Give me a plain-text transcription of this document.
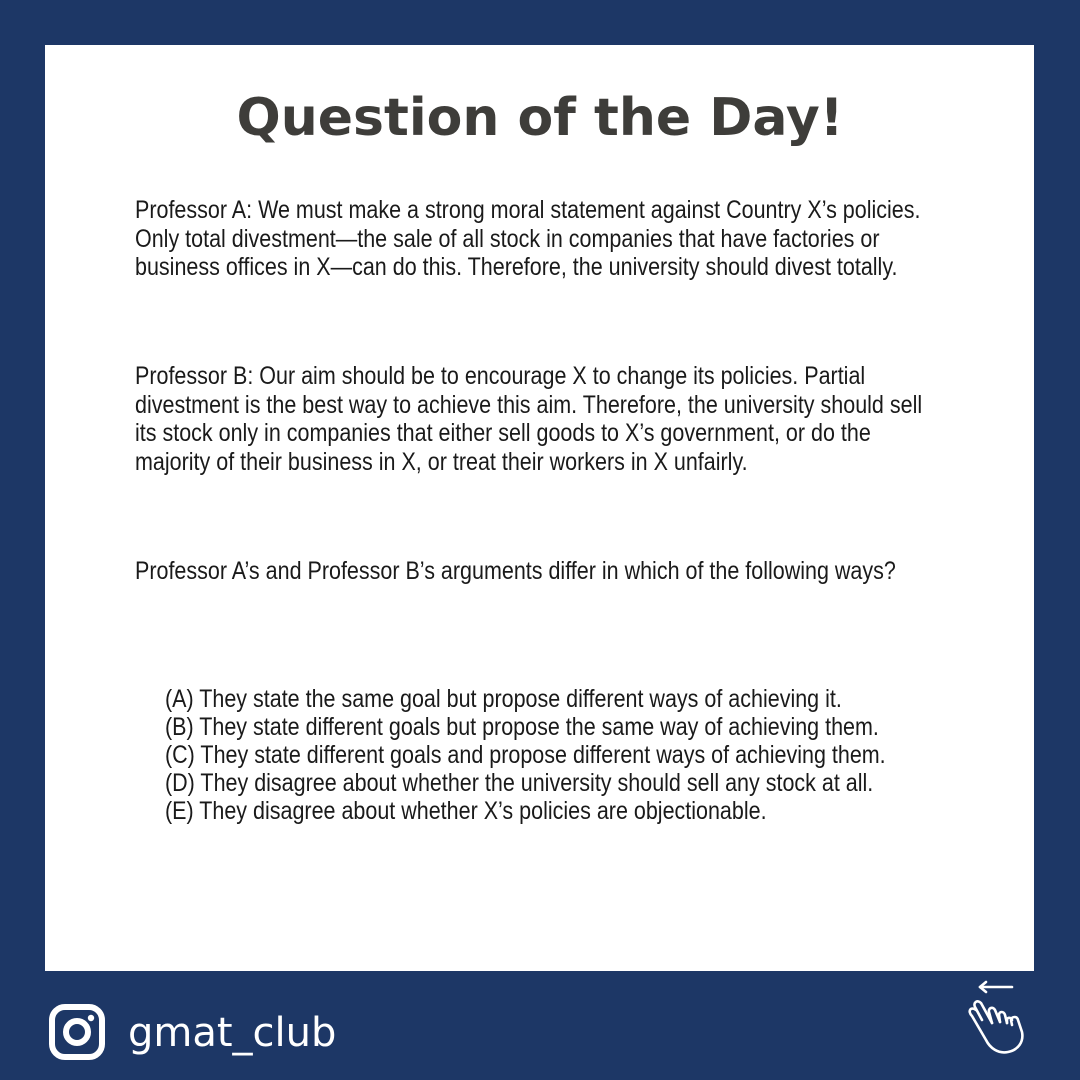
Question of the Day!
Professor A: We must make a strong moral statement against Country X’s policies. Only total divestment—the sale of all stock in companies that have factories or business offices in X—can do this. Therefore, the university should divest totally.
Professor B: Our aim should be to encourage X to change its policies. Partial divestment is the best way to achieve this aim. Therefore, the university should sell its stock only in companies that either sell goods to X’s government, or do the majority of their business in X, or treat their workers in X unfairly.
Professor A’s and Professor B’s arguments differ in which of the following ways?
(A) They state the same goal but propose different ways of achieving it.
(B) They state different goals but propose the same way of achieving them.
(C) They state different goals and propose different ways of achieving them.
(D) They disagree about whether the university should sell any stock at all.
(E) They disagree about whether X’s policies are objectionable.
gmat_club
